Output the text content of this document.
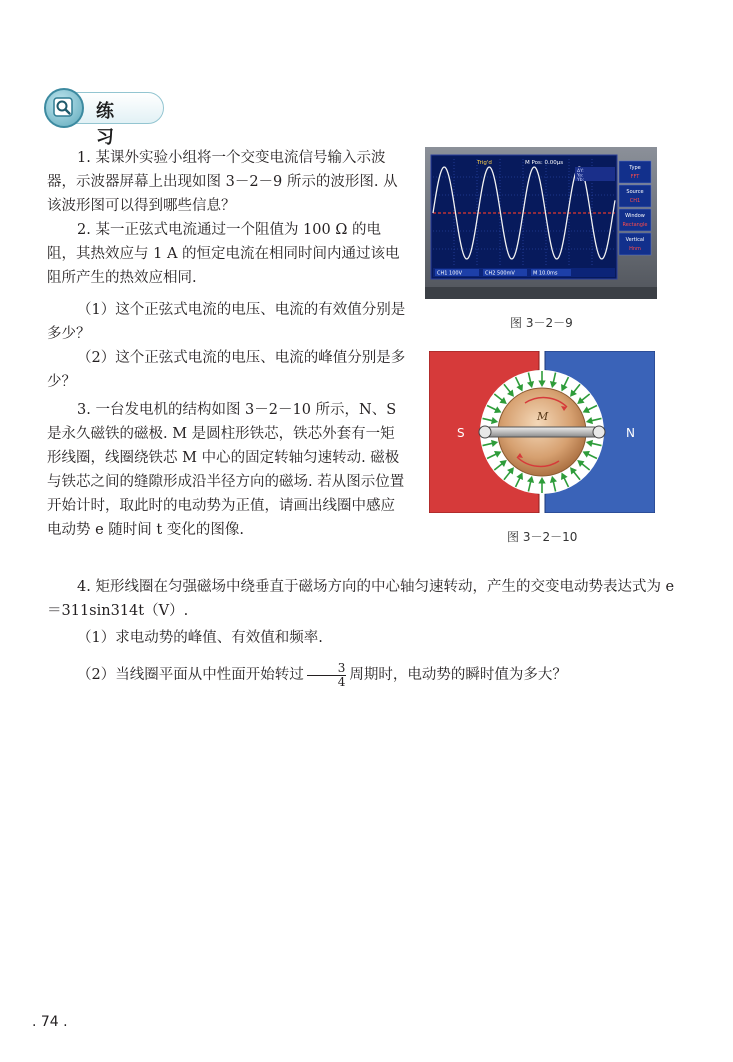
练 习

1. 某课外实验小组将一个交变电流信号输入示波器，示波器屏幕上出现如图 3－2－9 所示的波形图. 从该波形图可以得到哪些信息？

2. 某一正弦式电流通过一个阻值为 100 Ω 的电阻，其热效应与 1 A 的恒定电流在相同时间内通过该电阻所产生的热效应相同.

（1）这个正弦式电流的电压、电流的有效值分别是多少？

（2）这个正弦式电流的电压、电流的峰值分别是多少？

3. 一台发电机的结构如图 3－2－10 所示，N、S 是永久磁铁的磁极. M 是圆柱形铁芯，铁芯外套有一矩形线圈，线圈绕铁芯 M 中心的固定转轴匀速转动. 磁极与铁芯之间的缝隙形成沿半径方向的磁场. 若从图示位置开始计时，取此时的电动势为正值，请画出线圈中感应电动势 e 随时间 t 变化的图像.

4. 矩形线圈在匀强磁场中绕垂直于磁场方向的中心轴匀速转动，产生的交变电动势表达式为 e＝311sin314t（V）.

（1）求电动势的峰值、有效值和频率.

（2）当线圈平面从中性面开始转过 $\frac{3}{4}$ 周期时，电动势的瞬时值为多大？

Trig'd	M Pos: 0.00μs
ΔY:
Ya:
Yb:
Type
FFT
Source
CH1
Window
Rectangle
Vertical
Hnm
CH1 100V	CH2 500mV	M 10.0ms
图 3－2－9
S	N
M
图 3－2－10
. 74 .
